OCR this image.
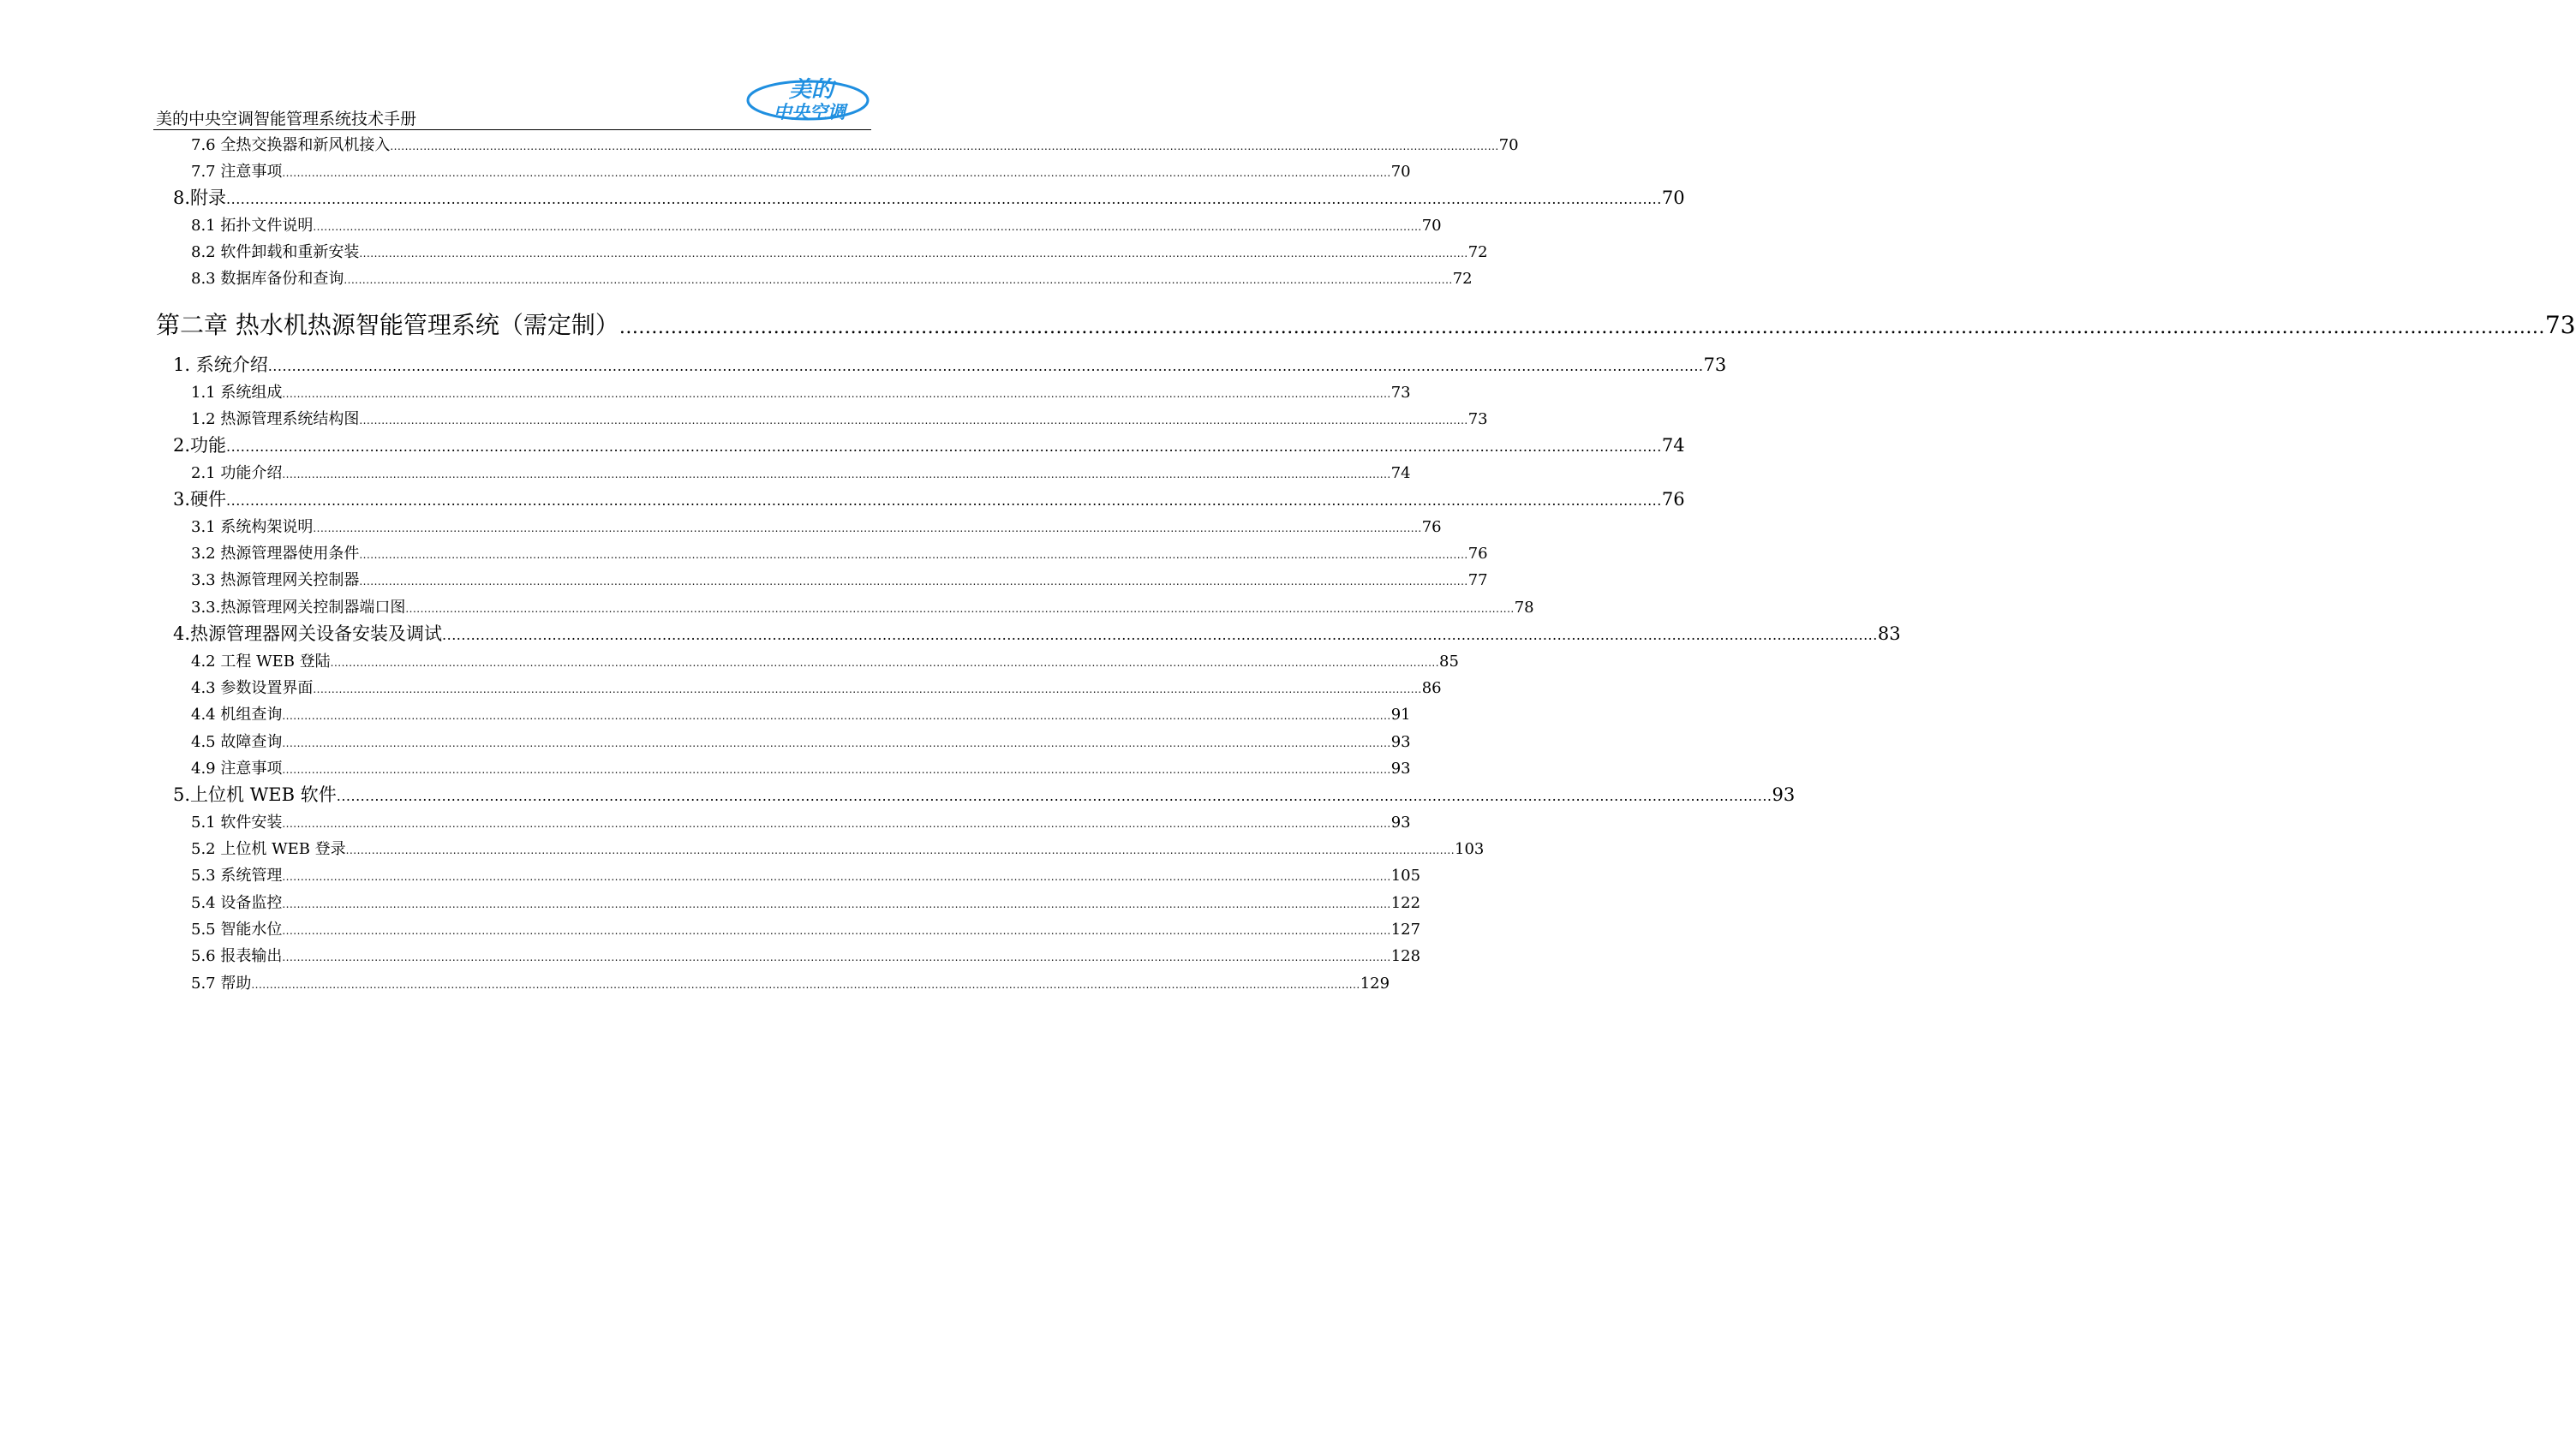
美的中央空调智能管理系统技术手册
美的
中央空调
7.6 全热交换器和新风机接入 ............................................................................................................................................................................................................................................................................................................ 70
7.7 注意事项 ............................................................................................................................................................................................................................................................................................................ 70
8.附录 ............................................................................................................................................................................................................................................................................................................ 70
8.1 拓扑文件说明 ............................................................................................................................................................................................................................................................................................................ 70
8.2 软件卸载和重新安装 ............................................................................................................................................................................................................................................................................................................ 72
8.3 数据库备份和查询 ............................................................................................................................................................................................................................................................................................................ 72
第二章 热水机热源智能管理系统（需定制） ............................................................................................................................................................................................................................................................................................................ 73
1. 系统介绍 ............................................................................................................................................................................................................................................................................................................ 73
1.1 系统组成 ............................................................................................................................................................................................................................................................................................................ 73
1.2 热源管理系统结构图 ............................................................................................................................................................................................................................................................................................................ 73
2.功能 ............................................................................................................................................................................................................................................................................................................ 74
2.1 功能介绍 ............................................................................................................................................................................................................................................................................................................ 74
3.硬件 ............................................................................................................................................................................................................................................................................................................ 76
3.1 系统构架说明 ............................................................................................................................................................................................................................................................................................................ 76
3.2 热源管理器使用条件 ............................................................................................................................................................................................................................................................................................................ 76
3.3 热源管理网关控制器 ............................................................................................................................................................................................................................................................................................................ 77
3.3.热源管理网关控制器端口图 ............................................................................................................................................................................................................................................................................................................ 78
4.热源管理器网关设备安装及调试 ............................................................................................................................................................................................................................................................................................................ 83
4.2 工程 WEB 登陆 ............................................................................................................................................................................................................................................................................................................ 85
4.3 参数设置界面 ............................................................................................................................................................................................................................................................................................................ 86
4.4 机组查询 ............................................................................................................................................................................................................................................................................................................ 91
4.5 故障查询 ............................................................................................................................................................................................................................................................................................................ 93
4.9 注意事项 ............................................................................................................................................................................................................................................................................................................ 93
5.上位机 WEB 软件 ............................................................................................................................................................................................................................................................................................................ 93
5.1 软件安装 ............................................................................................................................................................................................................................................................................................................ 93
5.2 上位机 WEB 登录 ............................................................................................................................................................................................................................................................................................................ 103
5.3 系统管理 ............................................................................................................................................................................................................................................................................................................ 105
5.4 设备监控 ............................................................................................................................................................................................................................................................................................................ 122
5.5 智能水位 ............................................................................................................................................................................................................................................................................................................ 127
5.6 报表输出 ............................................................................................................................................................................................................................................................................................................ 128
5.7 帮助 ............................................................................................................................................................................................................................................................................................................ 129
